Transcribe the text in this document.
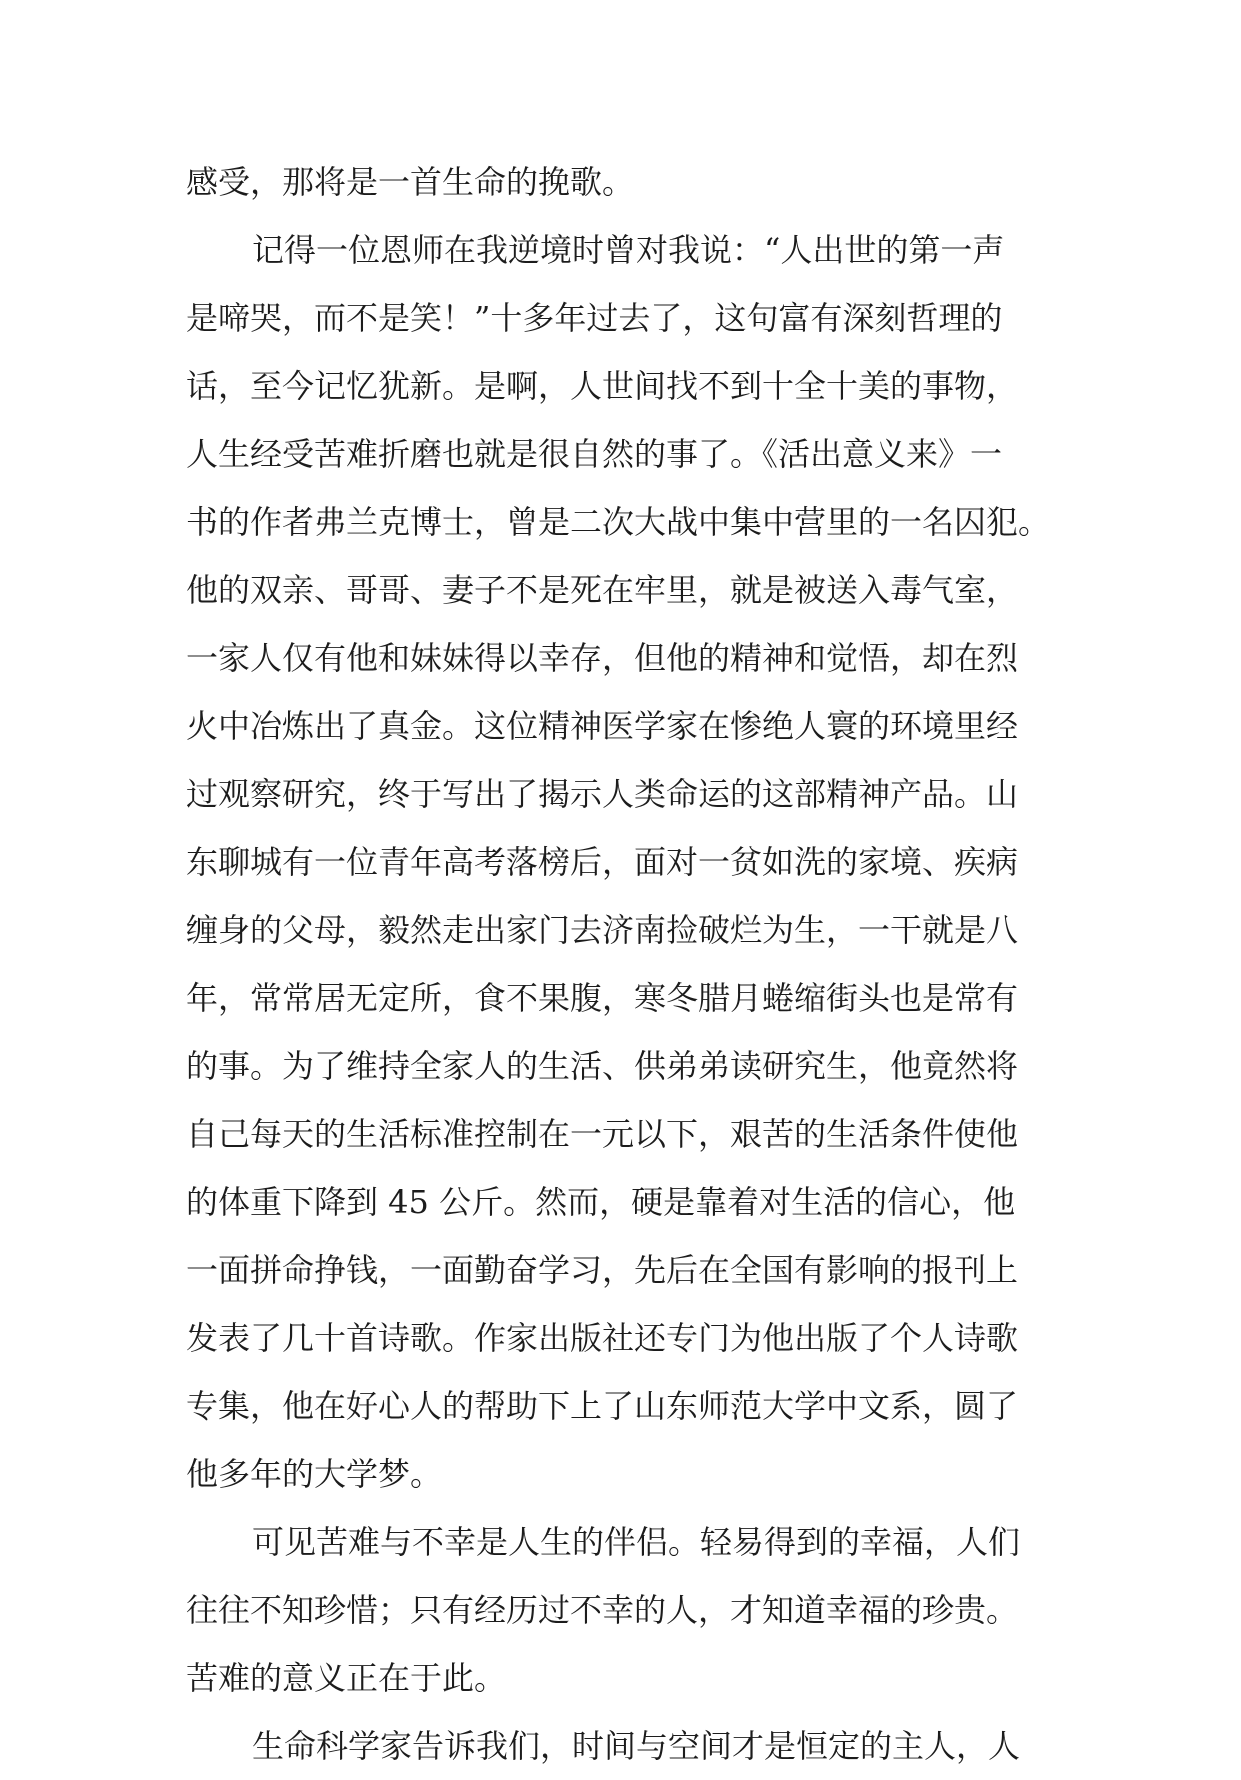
感受，那将是一首生命的挽歌。
记得一位恩师在我逆境时曾对我说：“人出世的第一声
是啼哭，而不是笑！”十多年过去了，这句富有深刻哲理的
话，至今记忆犹新。是啊，人世间找不到十全十美的事物，
人生经受苦难折磨也就是很自然的事了。《活出意义来》一
书的作者弗兰克博士，曾是二次大战中集中营里的一名囚犯。
他的双亲、哥哥、妻子不是死在牢里，就是被送入毒气室，
一家人仅有他和妹妹得以幸存，但他的精神和觉悟，却在烈
火中冶炼出了真金。这位精神医学家在惨绝人寰的环境里经
过观察研究，终于写出了揭示人类命运的这部精神产品。山
东聊城有一位青年高考落榜后，面对一贫如洗的家境、疾病
缠身的父母，毅然走出家门去济南捡破烂为生，一干就是八
年，常常居无定所，食不果腹，寒冬腊月蜷缩街头也是常有
的事。为了维持全家人的生活、供弟弟读研究生，他竟然将
自己每天的生活标准控制在一元以下，艰苦的生活条件使他
的体重下降到 45 公斤。然而，硬是靠着对生活的信心，他
一面拼命挣钱，一面勤奋学习，先后在全国有影响的报刊上
发表了几十首诗歌。作家出版社还专门为他出版了个人诗歌
专集，他在好心人的帮助下上了山东师范大学中文系，圆了
他多年的大学梦。
可见苦难与不幸是人生的伴侣。轻易得到的幸福，人们
往往不知珍惜；只有经历过不幸的人，才知道幸福的珍贵。
苦难的意义正在于此。
生命科学家告诉我们，时间与空间才是恒定的主人，人
